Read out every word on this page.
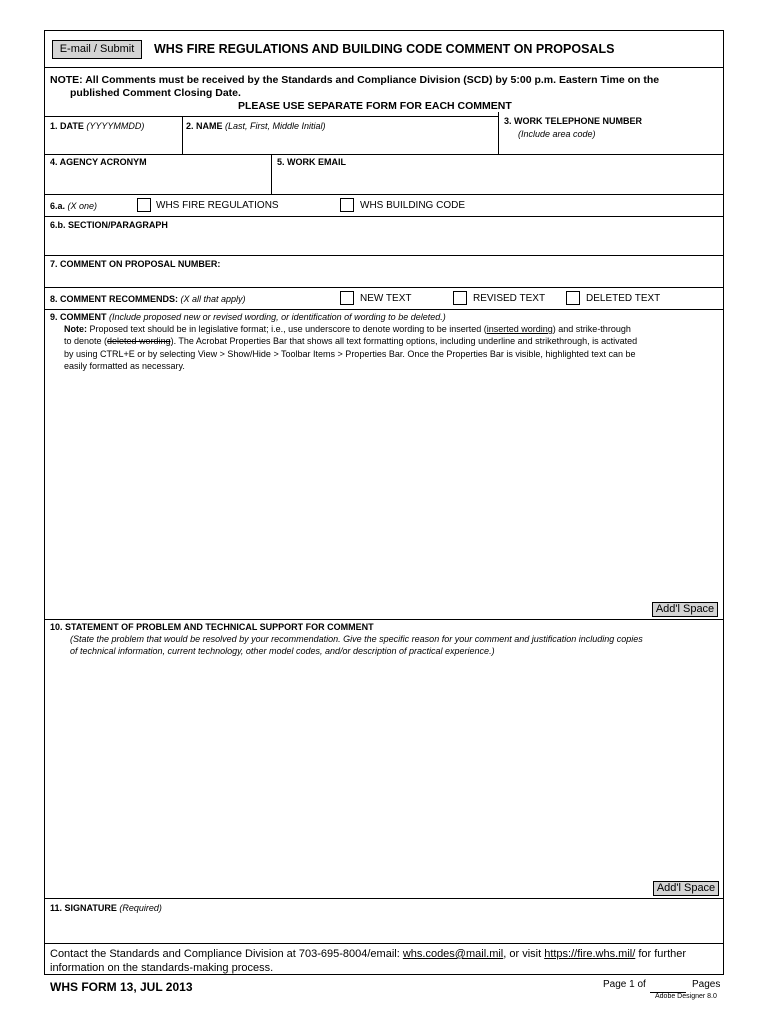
E-mail / Submit	WHS FIRE REGULATIONS AND BUILDING CODE COMMENT ON PROPOSALS
NOTE: All Comments must be received by the Standards and Compliance Division (SCD) by 5:00 p.m. Eastern Time on the
published Comment Closing Date.
PLEASE USE SEPARATE FORM FOR EACH COMMENT
1. DATE (YYYYMMDD)	2. NAME (Last, First, Middle Initial)	3. WORK TELEPHONE NUMBER
(Include area code)
4. AGENCY ACRONYM	5. WORK EMAIL
6.a. (X one)	WHS FIRE REGULATIONS	WHS BUILDING CODE
6.b. SECTION/PARAGRAPH
7. COMMENT ON PROPOSAL NUMBER:
8. COMMENT RECOMMENDS: (X all that apply)	NEW TEXT	REVISED TEXT	DELETED TEXT
9. COMMENT (Include proposed new or revised wording, or identification of wording to be deleted.)
Note: Proposed text should be in legislative format; i.e., use underscore to denote wording to be inserted (inserted wording) and strike-through
to denote (deleted wording). The Acrobat Properties Bar that shows all text formatting options, including underline and strikethrough, is activated
by using CTRL+E or by selecting View > Show/Hide > Toolbar Items > Properties Bar. Once the Properties Bar is visible, highlighted text can be
easily formatted as necessary.
Add'l Space
10. STATEMENT OF PROBLEM AND TECHNICAL SUPPORT FOR COMMENT
(State the problem that would be resolved by your recommendation. Give the specific reason for your comment and justification including copies
of technical information, current technology, other model codes, and/or description of practical experience.)
Add'l Space
11. SIGNATURE (Required)
Contact the Standards and Compliance Division at 703-695-8004/email: whs.codes@mail.mil, or visit https://fire.whs.mil/ for further
information on the standards-making process.
WHS FORM 13, JUL 2013	Page 1 of	Pages
Adobe Designer 8.0
